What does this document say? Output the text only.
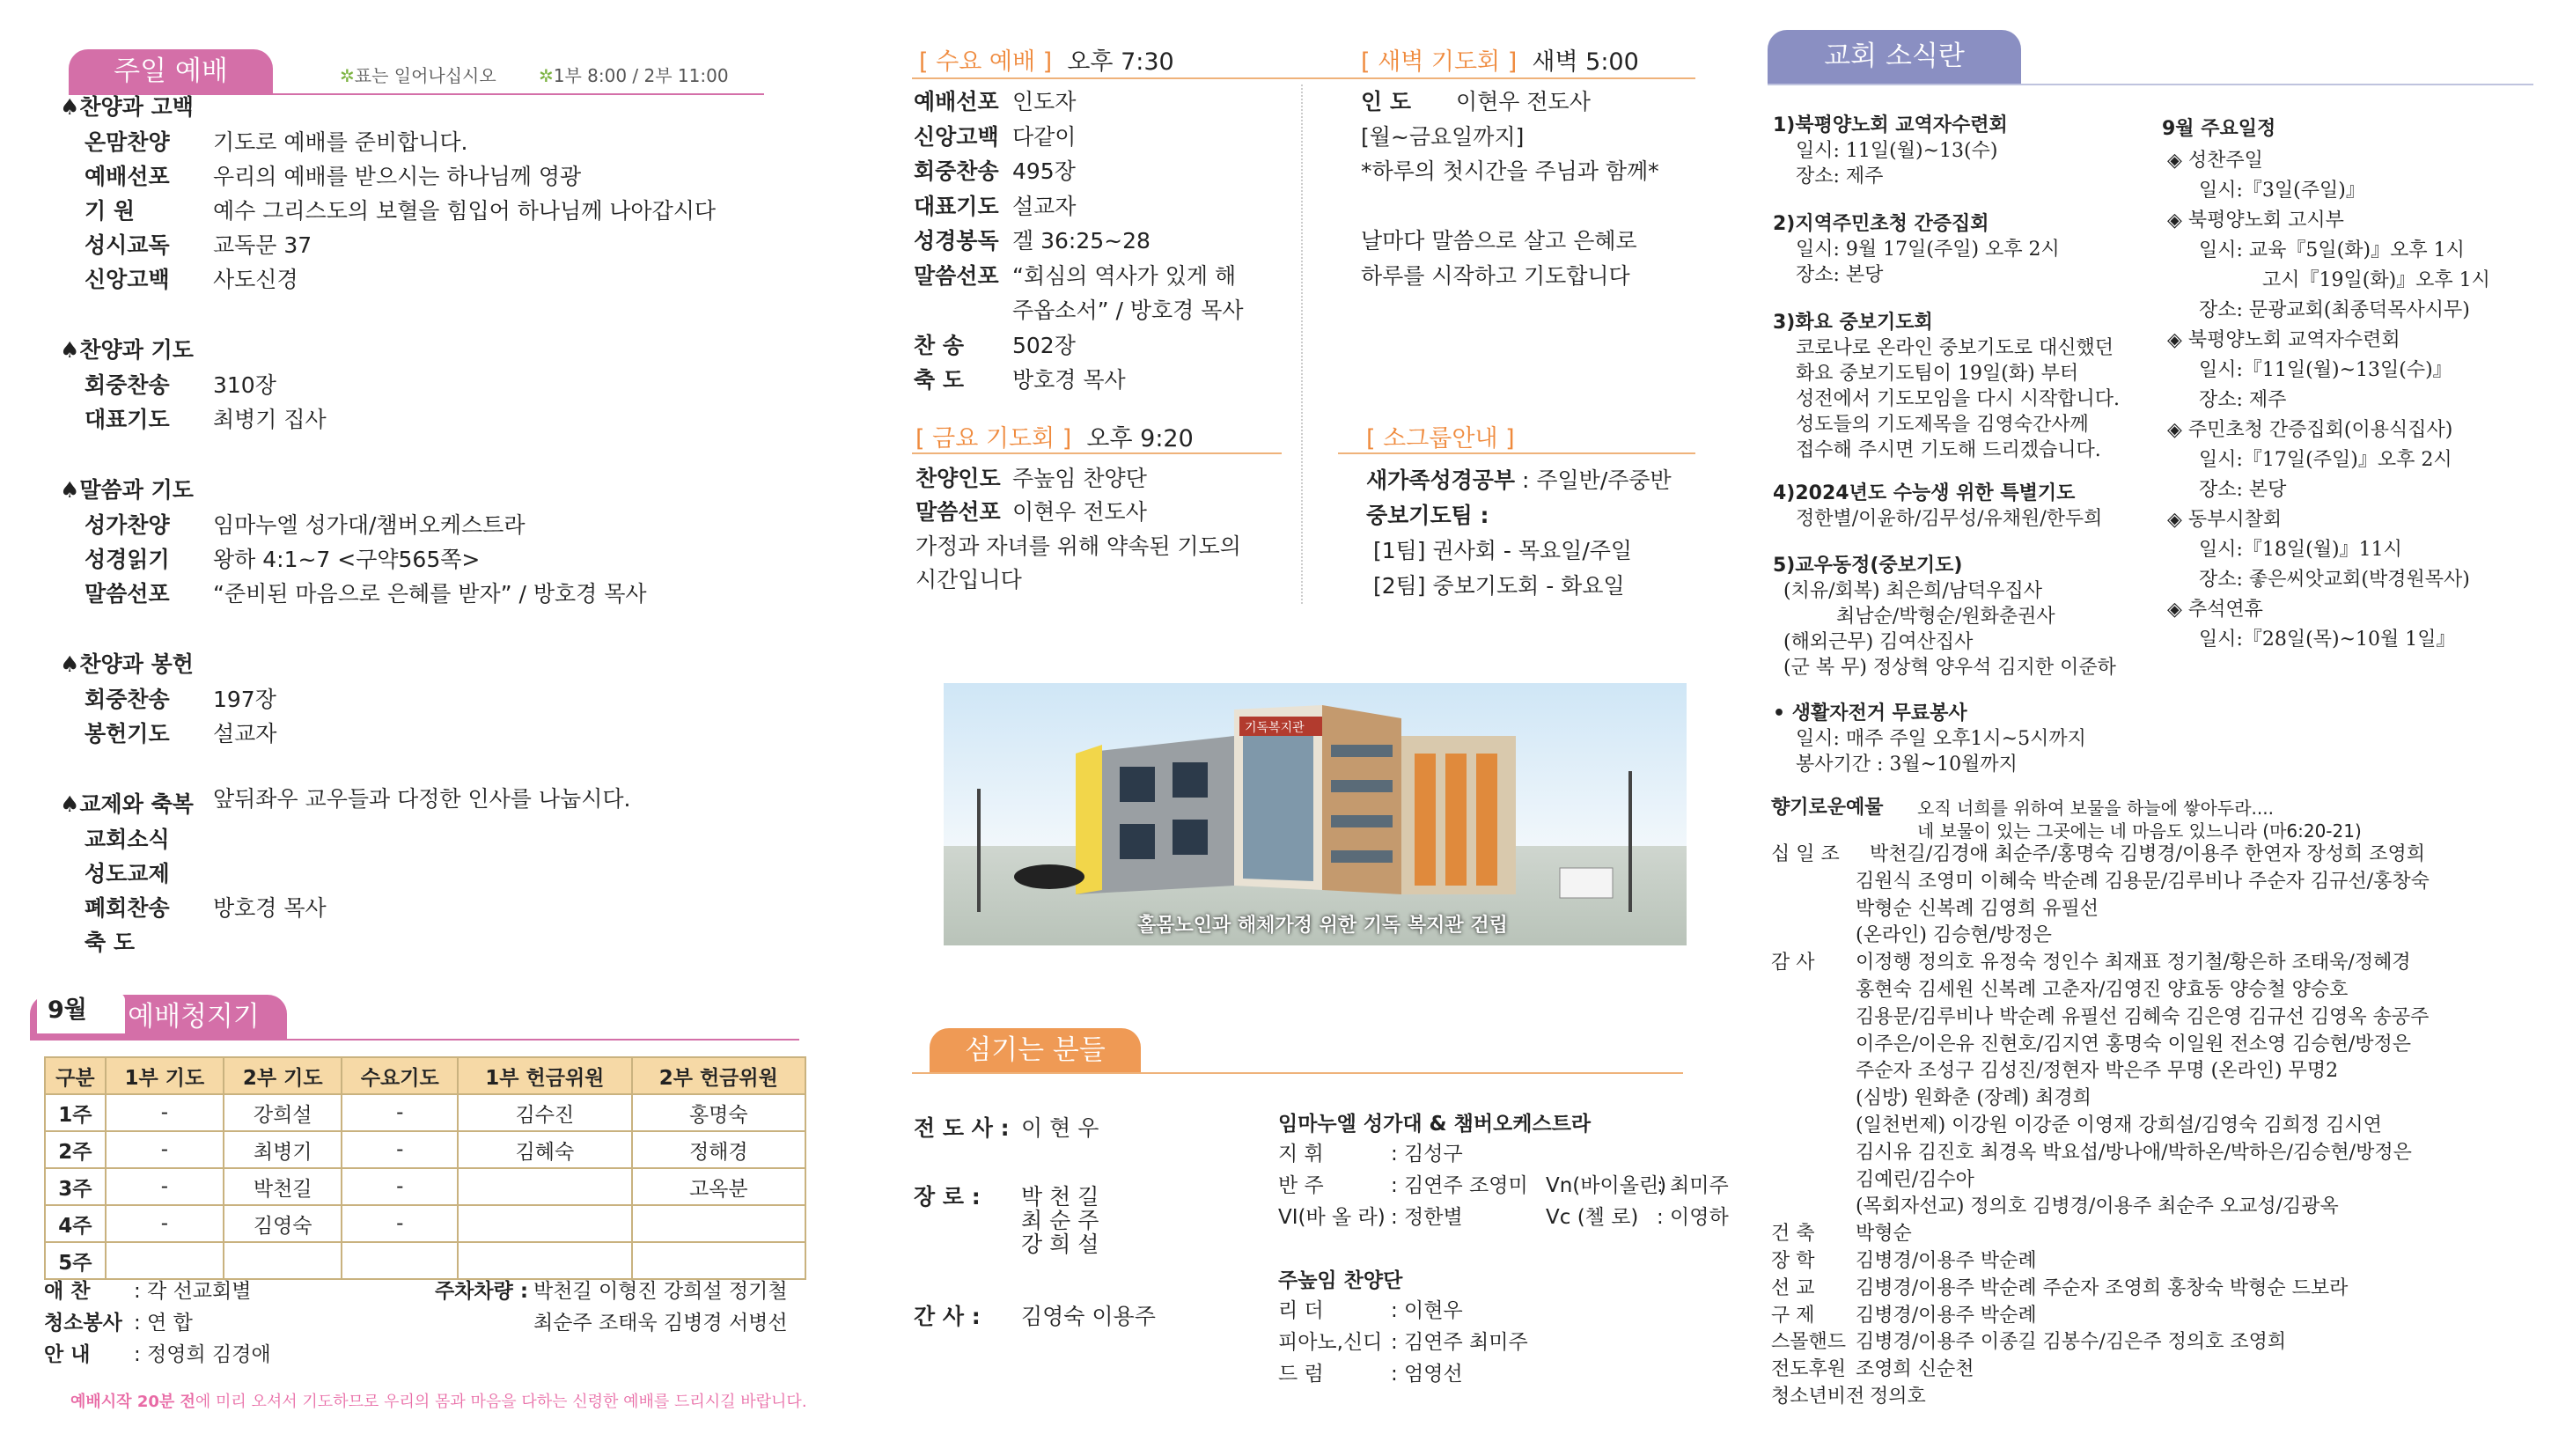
주일 예배	✲표는 일어나십시오 ✲1부 8:00 / 2부 11:00
♠찬양과 고백
온맘찬양 기도로 예배를 준비합니다.
예배선포 우리의 예배를 받으시는 하나님께 영광
기 원	예수 그리스도의 보혈을 힘입어 하나님께 나아갑시다
성시교독 교독문 37
신앙고백 사도신경
♠찬양과 기도
회중찬송 310장
대표기도 최병기 집사
♠말씀과 기도
성가찬양 임마누엘 성가대/챔버오케스트라
성경읽기 왕하 4:1~7 <구약565쪽>
말씀선포 “준비된 마음으로 은혜를 받자” / 방호경 목사
♠찬양과 봉헌
회중찬송 197장
봉헌기도 설교자
♠교제와 축복 앞뒤좌우 교우들과 다정한 인사를 나눕시다.
교회소식
성도교제
폐회찬송 방호경 목사
축 도
예배청지기
9월
구분	1부 기도	2부 기도	수요기도	1부 헌금위원	2부 헌금위원
1주	-	강희설	-	김수진	홍명숙
2주	-	최병기	-	김혜숙	정해경
3주	-	박천길	-		고옥분
4주	-	김영숙	-		
5주					
애 찬 : 각 선교회별
청소봉사 : 연 합
안 내 : 정영희 김경애
주차차량 : 박천길 이형진 강희설 정기철
최순주 조태욱 김병경 서병선
예배시작 20분 전에 미리 오셔서 기도하므로 우리의 몸과 마음을 다하는 신령한 예배를 드리시길 바랍니다.
[ 수요 예배 ] 오후 7:30
예배선포 인도자
신앙고백 다같이
회중찬송 495장
대표기도 설교자
성경봉독 겔 36:25~28
말씀선포 “회심의 역사가 있게 해
주옵소서” / 방호경 목사
찬 송 502장
축 도 방호경 목사
[ 새벽 기도회 ] 새벽 5:00
인 도 이현우 전도사
[월~금요일까지]
*하루의 첫시간을 주님과 함께*
날마다 말씀으로 살고 은혜로
하루를 시작하고 기도합니다
[ 금요 기도회 ] 오후 9:20
찬양인도 주높임 찬양단
말씀선포 이현우 전도사
가정과 자녀를 위해 약속된 기도의
시간입니다
[ 소그룹안내 ]
새가족성경공부 : 주일반/주중반
중보기도팀 :
[1팀] 권사회 - 목요일/주일
[2팀] 중보기도회 - 화요일
기독복지관
홀몸노인과 해체가정 위한 기독 복지관 건립
섬기는 분들
전 도 사 : 이 현 우
장 로 : 박 천 길
최 순 주
강 희 설
간 사 : 김영숙 이용주
임마누엘 성가대 & 챔버오케스트라
지 휘	: 김성구
반 주	: 김연주 조영미
VI(바 올 라) : 정한별
Vn(바이올린)
: 최미주
Vc (첼 로) : 이영하
주높임 찬양단
리 더	: 이현우
피아노,신디 : 김연주 최미주
드 럼	: 엄영선
교회 소식란
1)북평양노회 교역자수련회
일시: 11일(월)~13(수)
장소: 제주
2)지역주민초청 간증집회
일시: 9월 17일(주일) 오후 2시
장소: 본당
3)화요 중보기도회
코로나로 온라인 중보기도로 대신했던
화요 중보기도팀이 19일(화) 부터
성전에서 기도모임을 다시 시작합니다.
성도들의 기도제목을 김영숙간사께
접수해 주시면 기도해 드리겠습니다.
4)2024년도 수능생 위한 특별기도
정한별/이윤하/김무성/유채원/한두희
5)교우동정(중보기도)
(치유/회복) 최은희/남덕우집사
최남순/박형순/원화춘권사
(해외근무) 김여산집사
(군 복 무) 정상혁 양우석 김지한 이준하
• 생활자전거 무료봉사
일시: 매주 주일 오후1시~5시까지
봉사기간 : 3월~10월까지
9월 주요일정
◈ 성찬주일
일시:『3일(주일)』
◈ 북평양노회 고시부
일시: 교육『5일(화)』오후 1시
고시『19일(화)』오후 1시
장소: 문광교회(최종덕목사시무)
◈ 북평양노회 교역자수련회
일시:『11일(월)~13일(수)』
장소: 제주
◈ 주민초청 간증집회(이용식집사)
일시:『17일(주일)』오후 2시
장소: 본당
◈ 동부시찰회
일시:『18일(월)』11시
장소: 좋은씨앗교회(박경원목사)
◈ 추석연휴
일시:『28일(목)~10월 1일』
향기로운예물 오직 너희를 위하여 보물을 하늘에 쌓아두라....
네 보물이 있는 그곳에는 네 마음도 있느니라 (마6:20-21)
십 일 조 박천길/김경애 최순주/홍명숙 김병경/이용주 한연자 장성희 조영희
김원식 조영미 이혜숙 박순례 김용문/김루비나 주순자 김규선/홍창숙
박형순 신복례 김영희 유필선
(온라인) 김승현/방정은
감 사 이정행 정의호 유정숙 정인수 최재표 정기철/황은하 조태욱/정혜경
홍현숙 김세원 신복례 고춘자/김영진 양효동 양승철 양승호
김용문/김루비나 박순례 유필선 김혜숙 김은영 김규선 김영옥 송공주
이주은/이은유 진현호/김지연 홍명숙 이일원 전소영 김승현/방정은
주순자 조성구 김성진/정현자 박은주 무명 (온라인) 무명2
(심방) 원화춘 (장례) 최경희
(일천번제) 이강원 이강준 이영재 강희설/김영숙 김희정 김시연
김시유 김진호 최경옥 박요섭/방나애/박하온/박하은/김승현/방정은
김예린/김수아
(목회자선교) 정의호 김병경/이용주 최순주 오교성/김광옥
건 축 박형순
장 학 김병경/이용주 박순례
선 교 김병경/이용주 박순례 주순자 조영희 홍창숙 박형순 드보라
구 제 김병경/이용주 박순례
스몰핸드 김병경/이용주 이종길 김봉수/김은주 정의호 조영희
전도후원 조영희 신순천
청소년비전 정의호
